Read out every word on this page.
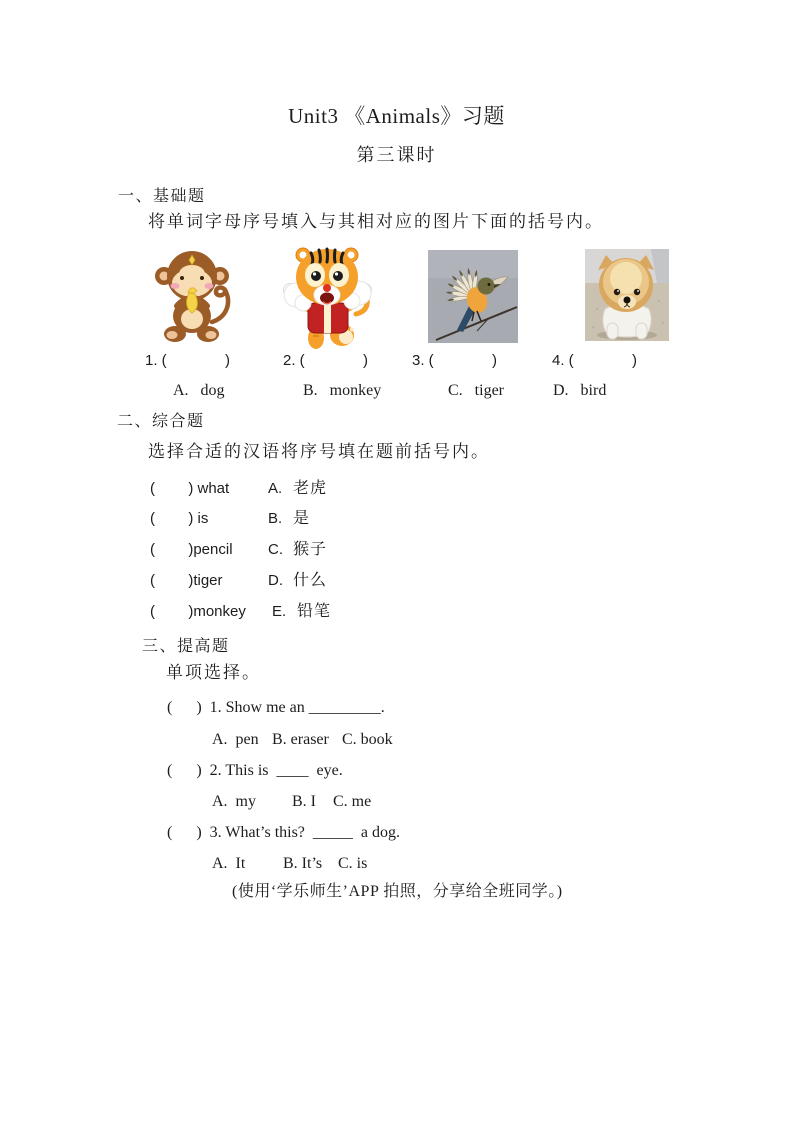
Unit3 《Animals》习题
第三课时
一、基础题
将单词字母序号填入与其相对应的图片下面的括号内。
1. (              )	2. (              )	3. (              )	4. (              )
A.   dog	B.   monkey	C.   tiger	D.   bird
二、综合题
选择合适的汉语将序号填在题前括号内。
(        ) what	A. 老虎
(        ) is	B. 是
(        )pencil C. 猴子
(        )tiger	D. 什么
(        )monkey E. 铅笔
三、提高题
单项选择。
(      )  1. Show me an _________.
A.  pen B. eraser C. book
(      )  2. This is  ____  eye.
A.  my B. I C. me
(      )  3. What’s this?  _____  a dog.
A.  It B. It’s C. is
(使用‘学乐师生’APP 拍照，分享给全班同学。)
